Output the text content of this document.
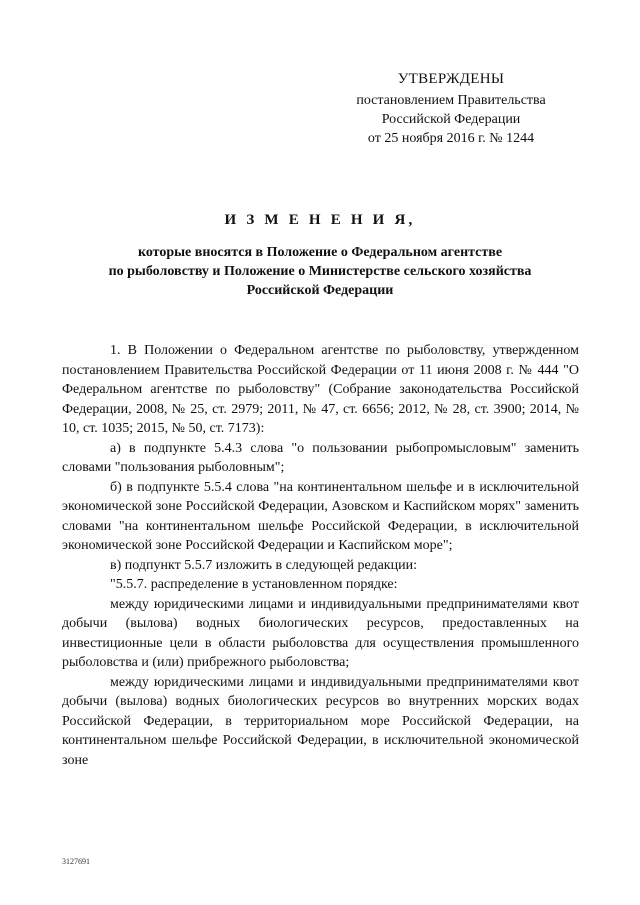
УТВЕРЖДЕНЫ
постановлением Правительства
Российской Федерации
от 25 ноября 2016 г. № 1244
И З М Е Н Е Н И Я,
которые вносятся в Положение о Федеральном агентстве
по рыболовству и Положение о Министерстве сельского хозяйства
Российской Федерации

1. В Положении о Федеральном агентстве по рыболовству, утвержденном постановлением Правительства Российской Федерации от 11 июня 2008 г. № 444 "О Федеральном агентстве по рыболовству" (Собрание законодательства Российской Федерации, 2008, № 25, ст. 2979; 2011, № 47, ст. 6656; 2012, № 28, ст. 3900; 2014, № 10, ст. 1035; 2015, № 50, ст. 7173):

а) в подпункте 5.4.3 слова "о пользовании рыбопромысловым" заменить словами "пользования рыболовным";

б) в подпункте 5.5.4 слова "на континентальном шельфе и в исключительной экономической зоне Российской Федерации, Азовском и Каспийском морях" заменить словами "на континентальном шельфе Российской Федерации, в исключительной экономической зоне Российской Федерации и Каспийском море";

в) подпункт 5.5.7 изложить в следующей редакции:

"5.5.7. распределение в установленном порядке:

между юридическими лицами и индивидуальными предпринимателями квот добычи (вылова) водных биологических ресурсов, предоставленных на инвестиционные цели в области рыболовства для осуществления промышленного рыболовства и (или) прибрежного рыболовства;

между юридическими лицами и индивидуальными предпринимателями квот добычи (вылова) водных биологических ресурсов во внутренних морских водах Российской Федерации, в территориальном море Российской Федерации, на континентальном шельфе Российской Федерации, в исключительной экономической зоне

3127691
